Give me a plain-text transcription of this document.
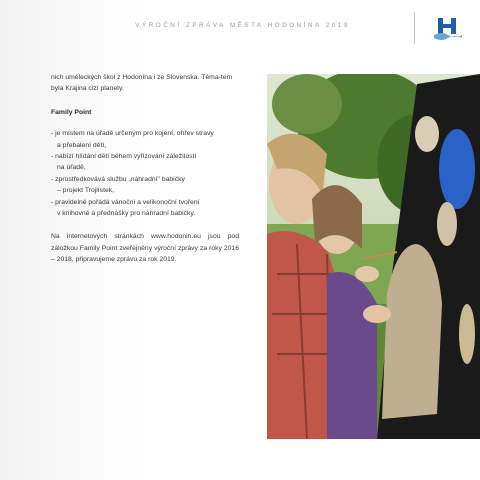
VÝROČNÍ ZPRÁVA MĚSTA HODONÍNA 2019

nich uměleckých škol z Hodonína i ze Slovenska. Téma-tem byla Krajina cizí planety.

Family Point

- je místem na úřadě určeným pro kojení, ohřev stravy
a přebalení dětí,
- nabízí hlídání dětí během vyřizování záležitostí
na úřadě,
- zprostředkovává službu „náhradní" babičky
– projekt Trojlístek,
- pravidelně pořádá vánoční a velikonoční tvoření
v knihovně a přednášky pro náhradní babičky.

Na internetových stránkách www.hodonin.eu jsou pod záložkou Family Point zveřejněny výroční zprávy za roky 2016 – 2018, připravujeme zprávu za rok 2019.
